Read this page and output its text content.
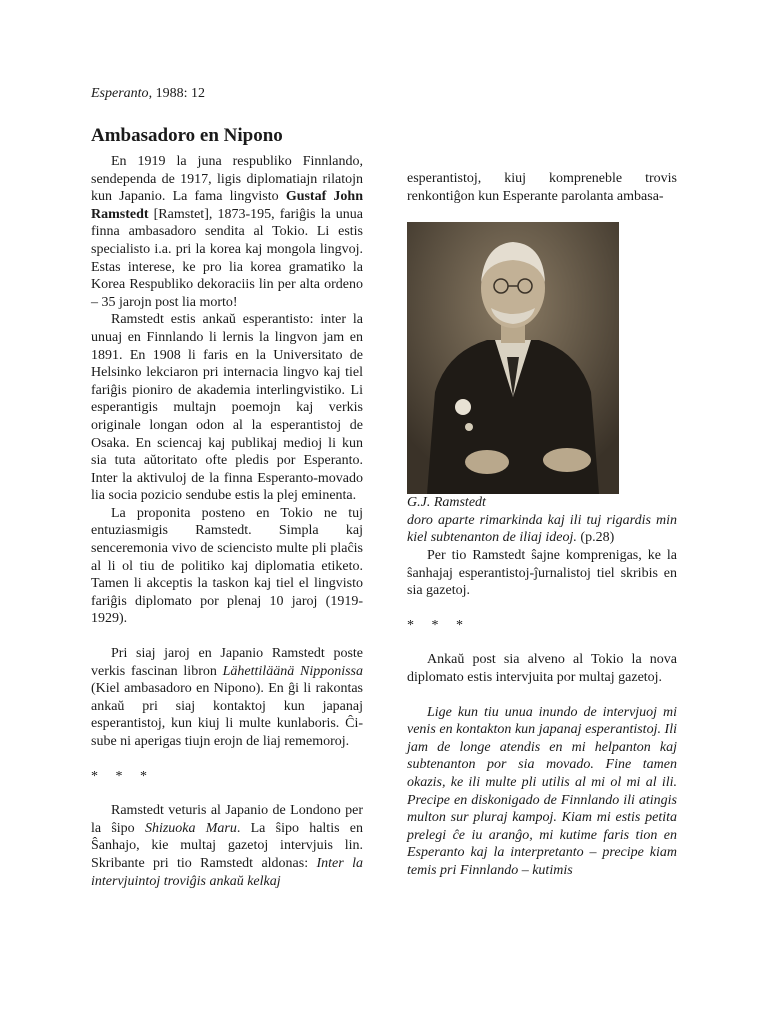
Esperanto, 1988: 12
Ambasadoro en Nipono

En 1919 la juna respubliko Finnlando, sendependa de 1917, ligis diplomatiajn rilatojn kun Japanio. La fama lingvisto Gustaf John Ramstedt [Ramstet], 1873-195, fariĝis la unua finna ambasadoro sendita al Tokio. Li estis specialisto i.a. pri la korea kaj mongola lingvoj. Estas interese, ke pro lia korea gramatiko la Korea Respubliko dekoraciis lin per alta ordeno – 35 jarojn post lia morto!

Ramstedt estis ankaŭ esperantisto: inter la unuaj en Finnlando li lernis la lingvon jam en 1891. En 1908 li faris en la Universitato de Helsinko lekciaron pri internacia lingvo kaj tiel fariĝis pioniro de akademia interlingvistiko. Li esperantigis multajn poemojn kaj verkis originale longan odon al la esperantistoj de Osaka. En sciencaj kaj publikaj medioj li kun sia tuta aŭtoritato ofte pledis por Esperanto. Inter la aktivuloj de la finna Esperanto-movado lia socia pozicio sendube estis la plej eminenta.

La proponita posteno en Tokio ne tuj entuziasmigis Ramstedt. Simpla kaj senceremonia vivo de sciencisto multe pli plaĉis al li ol tiu de politiko kaj diplomatia etiketo. Tamen li akceptis la taskon kaj tiel el lingvisto fariĝis diplomato por plenaj 10 jaroj (1919-1929).

Pri siaj jaroj en Japanio Ramstedt poste verkis fascinan libron Lähettiläänä Nipponissa (Kiel ambasadoro en Nipono). En ĝi li rakontas ankaŭ pri siaj kontaktoj kun japanaj esperantistoj, kun kiuj li multe kunlaboris. Ĉi-sube ni aperigas tiujn erojn de liaj rememoroj.

* * *

Ramstedt veturis al Japanio de Londono per la ŝipo Shizuoka Maru. La ŝipo haltis en Ŝanhajo, kie multaj gazetoj intervjuis lin. Skribante pri tio Ramstedt aldonas: Inter la intervjuintoj troviĝis ankaŭ kelkaj

esperantistoj, kiuj kompreneble trovis renkontiĝon kun Esperante parolanta ambasa-

G.J. Ramstedt

doro aparte rimarkinda kaj ili tuj rigardis min kiel subtenanton de iliaj ideoj. (p.28)

Per tio Ramstedt ŝajne komprenigas, ke la ŝanhajaj esperantistoj-ĵurnalistoj tiel skribis en sia gazetoj.

* * *

Ankaŭ post sia alveno al Tokio la nova diplomato estis intervjuita por multaj gazetoj.

Lige kun tiu unua inundo de intervjuoj mi venis en kontakton kun japanaj esperantistoj. Ili jam de longe atendis en mi helpanton kaj subtenanton por sia movado. Fine tamen okazis, ke ili multe pli utilis al mi ol mi al ili. Precipe en diskonigado de Finnlando ili atingis multon sur pluraj kampoj. Kiam mi estis petita prelegi ĉe iu aranĝo, mi kutime faris tion en Esperanto kaj la interpretanto – precipe kiam temis pri Finnlando – kutimis
